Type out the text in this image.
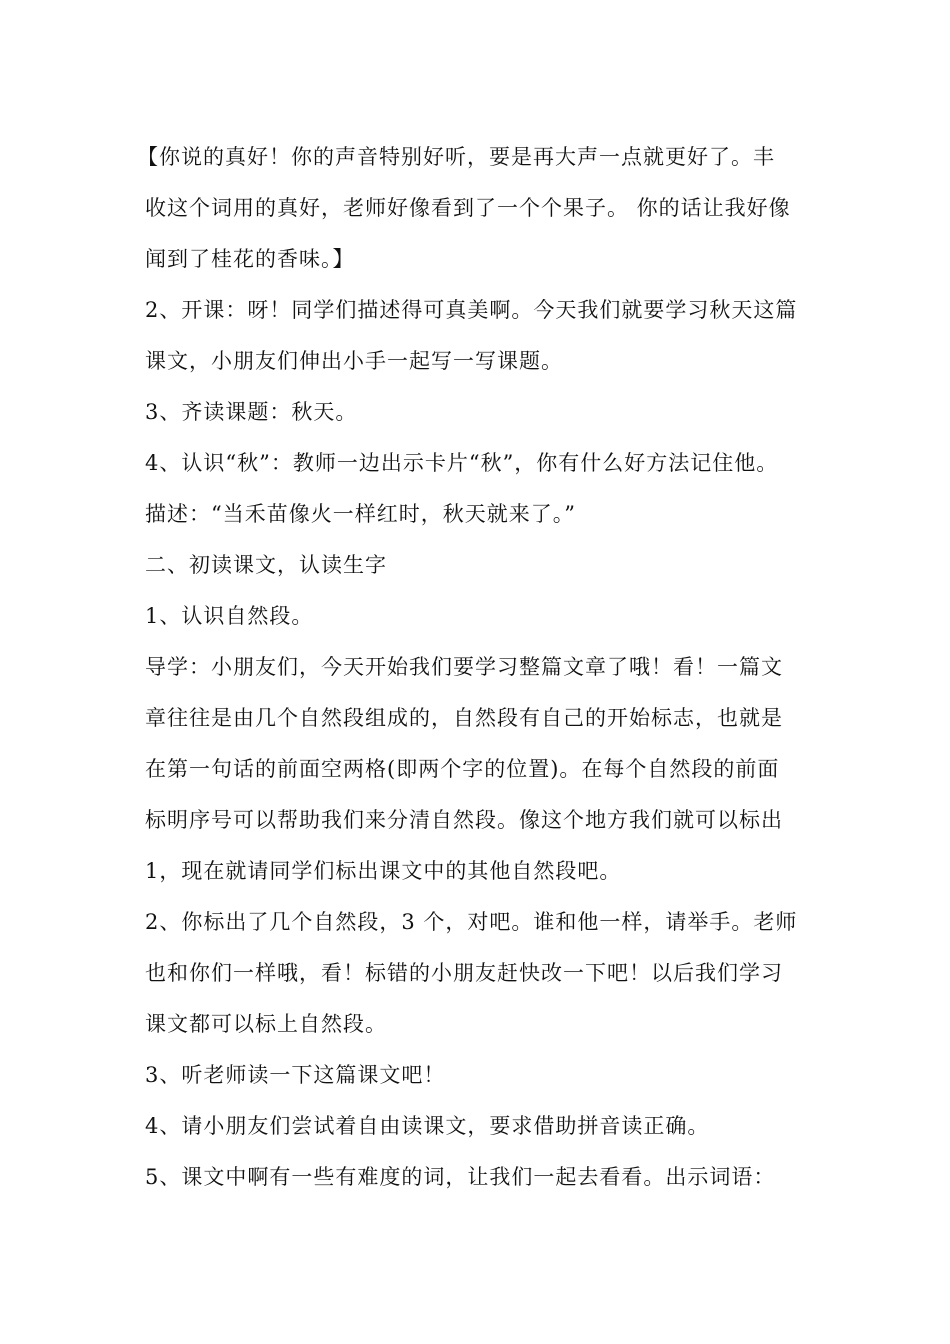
【你说的真好！你的声音特别好听，要是再大声一点就更好了。丰
收这个词用的真好，老师好像看到了一个个果子。 你的话让我好像
闻到了桂花的香味。】
2、开课：呀！同学们描述得可真美啊。今天我们就要学习秋天这篇
课文，小朋友们伸出小手一起写一写课题。
3、齐读课题：秋天。
4、认识“秋”：教师一边出示卡片“秋”，你有什么好方法记住他。
描述：“当禾苗像火一样红时，秋天就来了。”
二、初读课文，认读生字
1、认识自然段。
导学：小朋友们，今天开始我们要学习整篇文章了哦！看！一篇文
章往往是由几个自然段组成的，自然段有自己的开始标志，也就是
在第一句话的前面空两格(即两个字的位置)。在每个自然段的前面
标明序号可以帮助我们来分清自然段。像这个地方我们就可以标出
1，现在就请同学们标出课文中的其他自然段吧。
2、你标出了几个自然段，3 个，对吧。谁和他一样，请举手。老师
也和你们一样哦，看！标错的小朋友赶快改一下吧！以后我们学习
课文都可以标上自然段。
3、听老师读一下这篇课文吧！
4、请小朋友们尝试着自由读课文，要求借助拼音读正确。
5、课文中啊有一些有难度的词，让我们一起去看看。出示词语：
